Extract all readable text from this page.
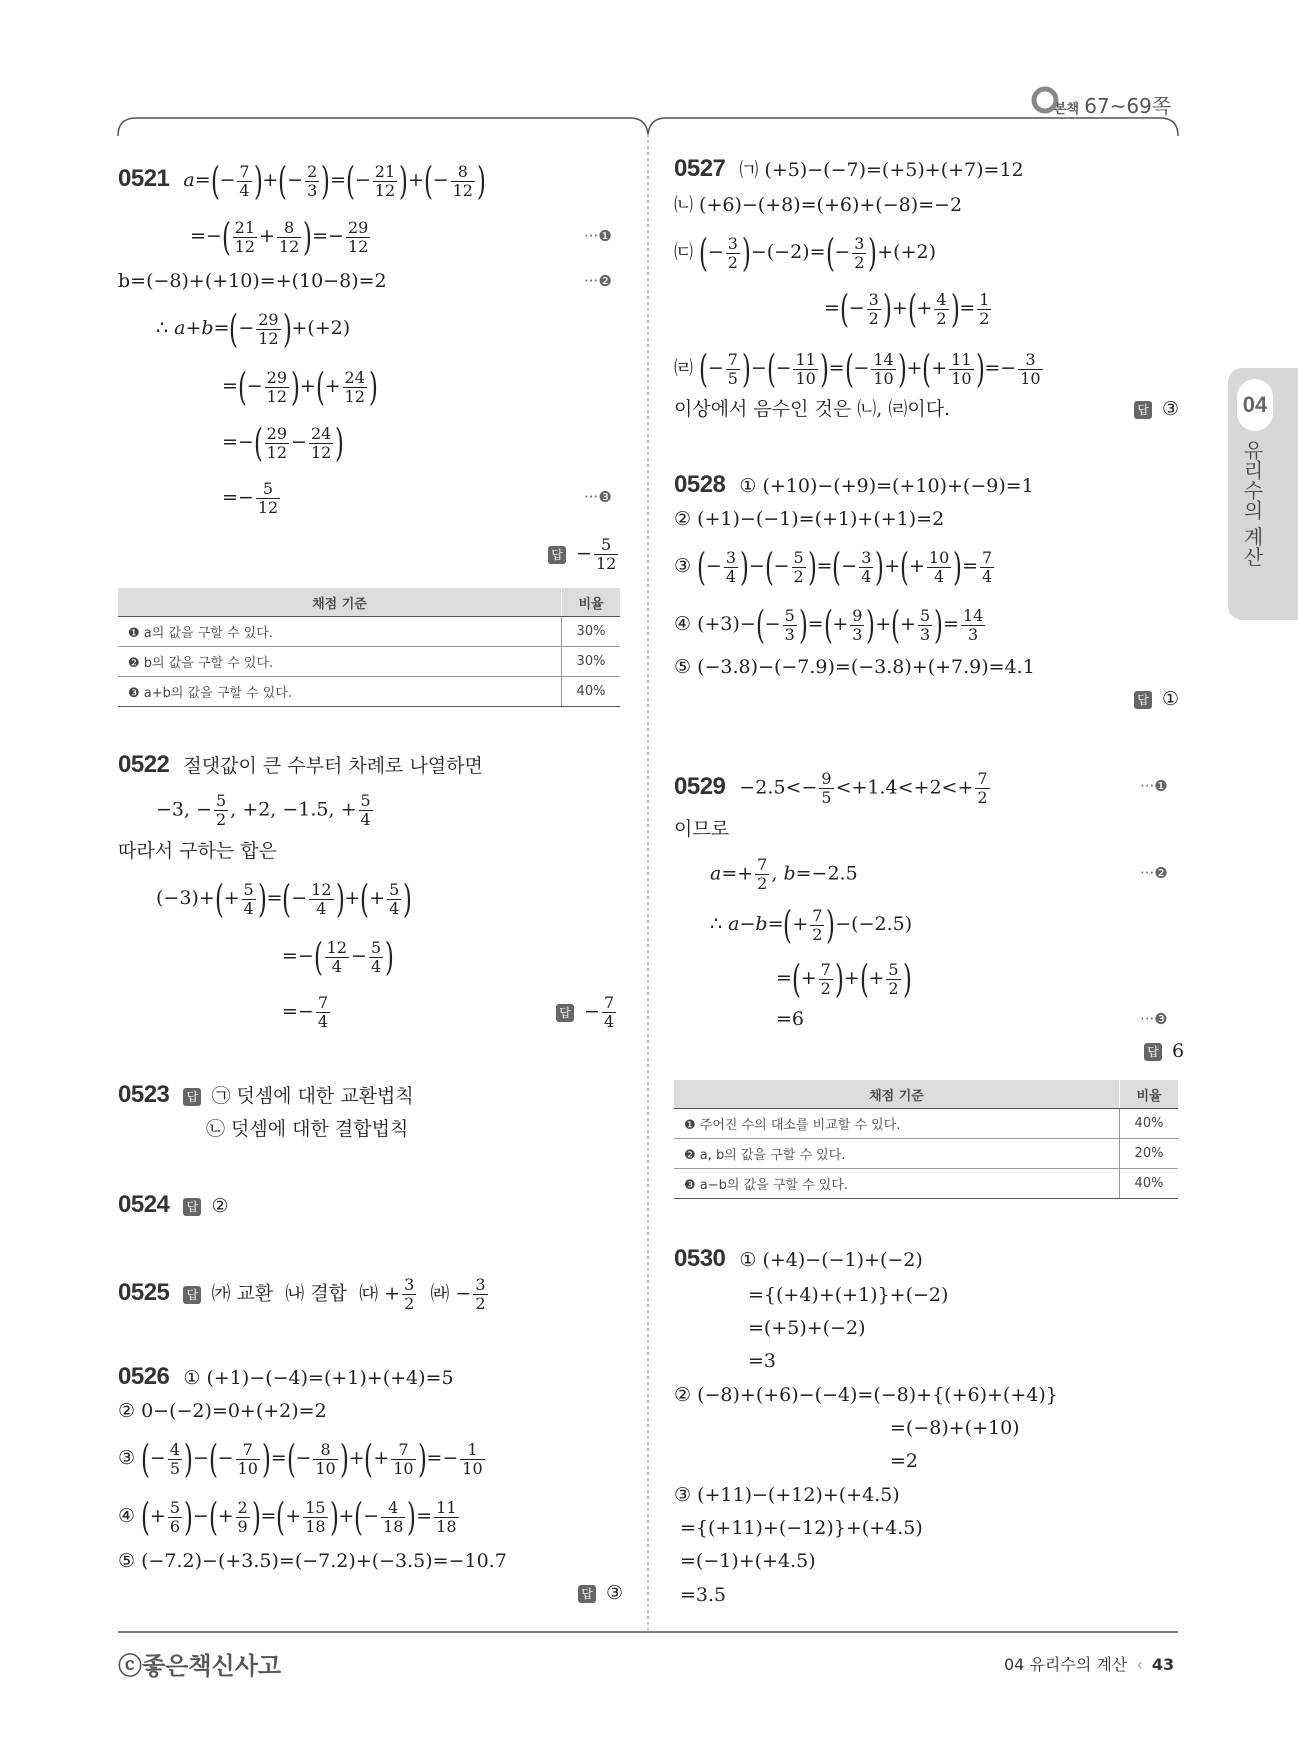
본책 67~69쪽
04
유리수의 계산
0521 $a=(- \frac{7}{4}$ )+(− $\frac{2}{3}$ )=(− $\frac{21}{12}$ )+(− $\frac{8}{12}$ )
=−( $\frac{21}{12} + \frac{8}{12}$ )=− $\frac{29}{12}$	···❶
b=(−8)+(+10)=+(10−8)=2	···❷
∴ $a+b=(- \frac{29}{12} )+(+2)$
=(− $\frac{29}{12}$ )+(+ $\frac{24}{12}$ )
=−( $\frac{29}{12} - \frac{24}{12}$ )
=− $\frac{5}{12}$	···❸
답 − $\frac{5}{12}$
채점 기준	비율
❶ a의 값을 구할 수 있다.	30%
❷ b의 값을 구할 수 있다.	30%
❸ a+b의 값을 구할 수 있다.	40%
0522 절댓값이 큰 수부터 차례로 나열하면
−3, − $\frac{5}{2}$ , +2, −1.5, + $\frac{5}{4}$
따라서 구하는 합은
$(-3)+(+ \frac{5}{4}$ )=(− $\frac{12}{4}$ )+(+ $\frac{5}{4}$ )
=−( $\frac{12}{4} - \frac{5}{4}$ )
=− $\frac{7}{4}$	답 − $\frac{7}{4}$
0523 답 ㉠ 덧셈에 대한 교환법칙
㉡ 덧셈에 대한 결합법칙
0524 답 ②
0525 답 ㈎ 교환 ㈏ 결합 ㈐ + $\frac{3}{2}$ ㈑ − $\frac{3}{2}$
0526 ① (+1)−(−4)=(+1)+(+4)=5
② 0−(−2)=0+(+2)=2
③ (− $\frac{4}{5}$ )−(− $\frac{7}{10}$ )=(− $\frac{8}{10}$ )+(+ $\frac{7}{10}$ )=− $\frac{1}{10}$
④ (+ $\frac{5}{6}$ )−(+ $\frac{2}{9}$ )=(+ $\frac{15}{18}$ )+(− $\frac{4}{18}$ )= $\frac{11}{18}$
⑤ (−7.2)−(+3.5)=(−7.2)+(−3.5)=−10.7
답 ③
0527 ㈀ (+5)−(−7)=(+5)+(+7)=12
㈁ (+6)−(+8)=(+6)+(−8)=−2
㈂ (− $\frac{3}{2} )-(-2)=(- \frac{3}{2} )+(+2)$
=(− $\frac{3}{2}$ )+(+ $\frac{4}{2}$ )= $\frac{1}{2}$
㈃ (− $\frac{7}{5}$ )−(− $\frac{11}{10}$ )=(− $\frac{14}{10}$ )+(+ $\frac{11}{10}$ )=− $\frac{3}{10}$
이상에서 음수인 것은 ㈁, ㈃이다.	답 ③
0528 ① (+10)−(+9)=(+10)+(−9)=1
② (+1)−(−1)=(+1)+(+1)=2
③ (− $\frac{3}{4}$ )−(− $\frac{5}{2}$ )=(− $\frac{3}{4}$ )+(+ $\frac{10}{4}$ )= $\frac{7}{4}$
④ $(+3)-(- \frac{5}{3}$ )=(+ $\frac{9}{3}$ )+(+ $\frac{5}{3}$ )= $\frac{14}{3}$
⑤ (−3.8)−(−7.9)=(−3.8)+(+7.9)=4.1
답 ①
$0529 -2.5<- \frac{9}{5} <+1.4<+2<+ \frac{7}{2}$	···❶
이므로
$a=+ \frac{7}{2}$ , b=−2.5	···❷
∴ $a-b=(+ \frac{7}{2} )-(-2.5)$
=(+ $\frac{7}{2}$ )+(+ $\frac{5}{2}$ )
=6	···❸
답 6
채점 기준	비율
❶ 주어진 수의 대소를 비교할 수 있다.	40%
❷ a, b의 값을 구할 수 있다.	20%
❸ a−b의 값을 구할 수 있다.	40%
0530 ① (+4)−(−1)+(−2)
={(+4)+(+1)}+(−2)
=(+5)+(−2)
=3
② (−8)+(+6)−(−4)=(−8)+{(+6)+(+4)}
=(−8)+(+10)
=2
③ (+11)−(+12)+(+4.5)
={(+11)+(−12)}+(+4.5)
=(−1)+(+4.5)
=3.5
ⓒ좋은책신사고	04 유리수의 계산 ‹ 43
